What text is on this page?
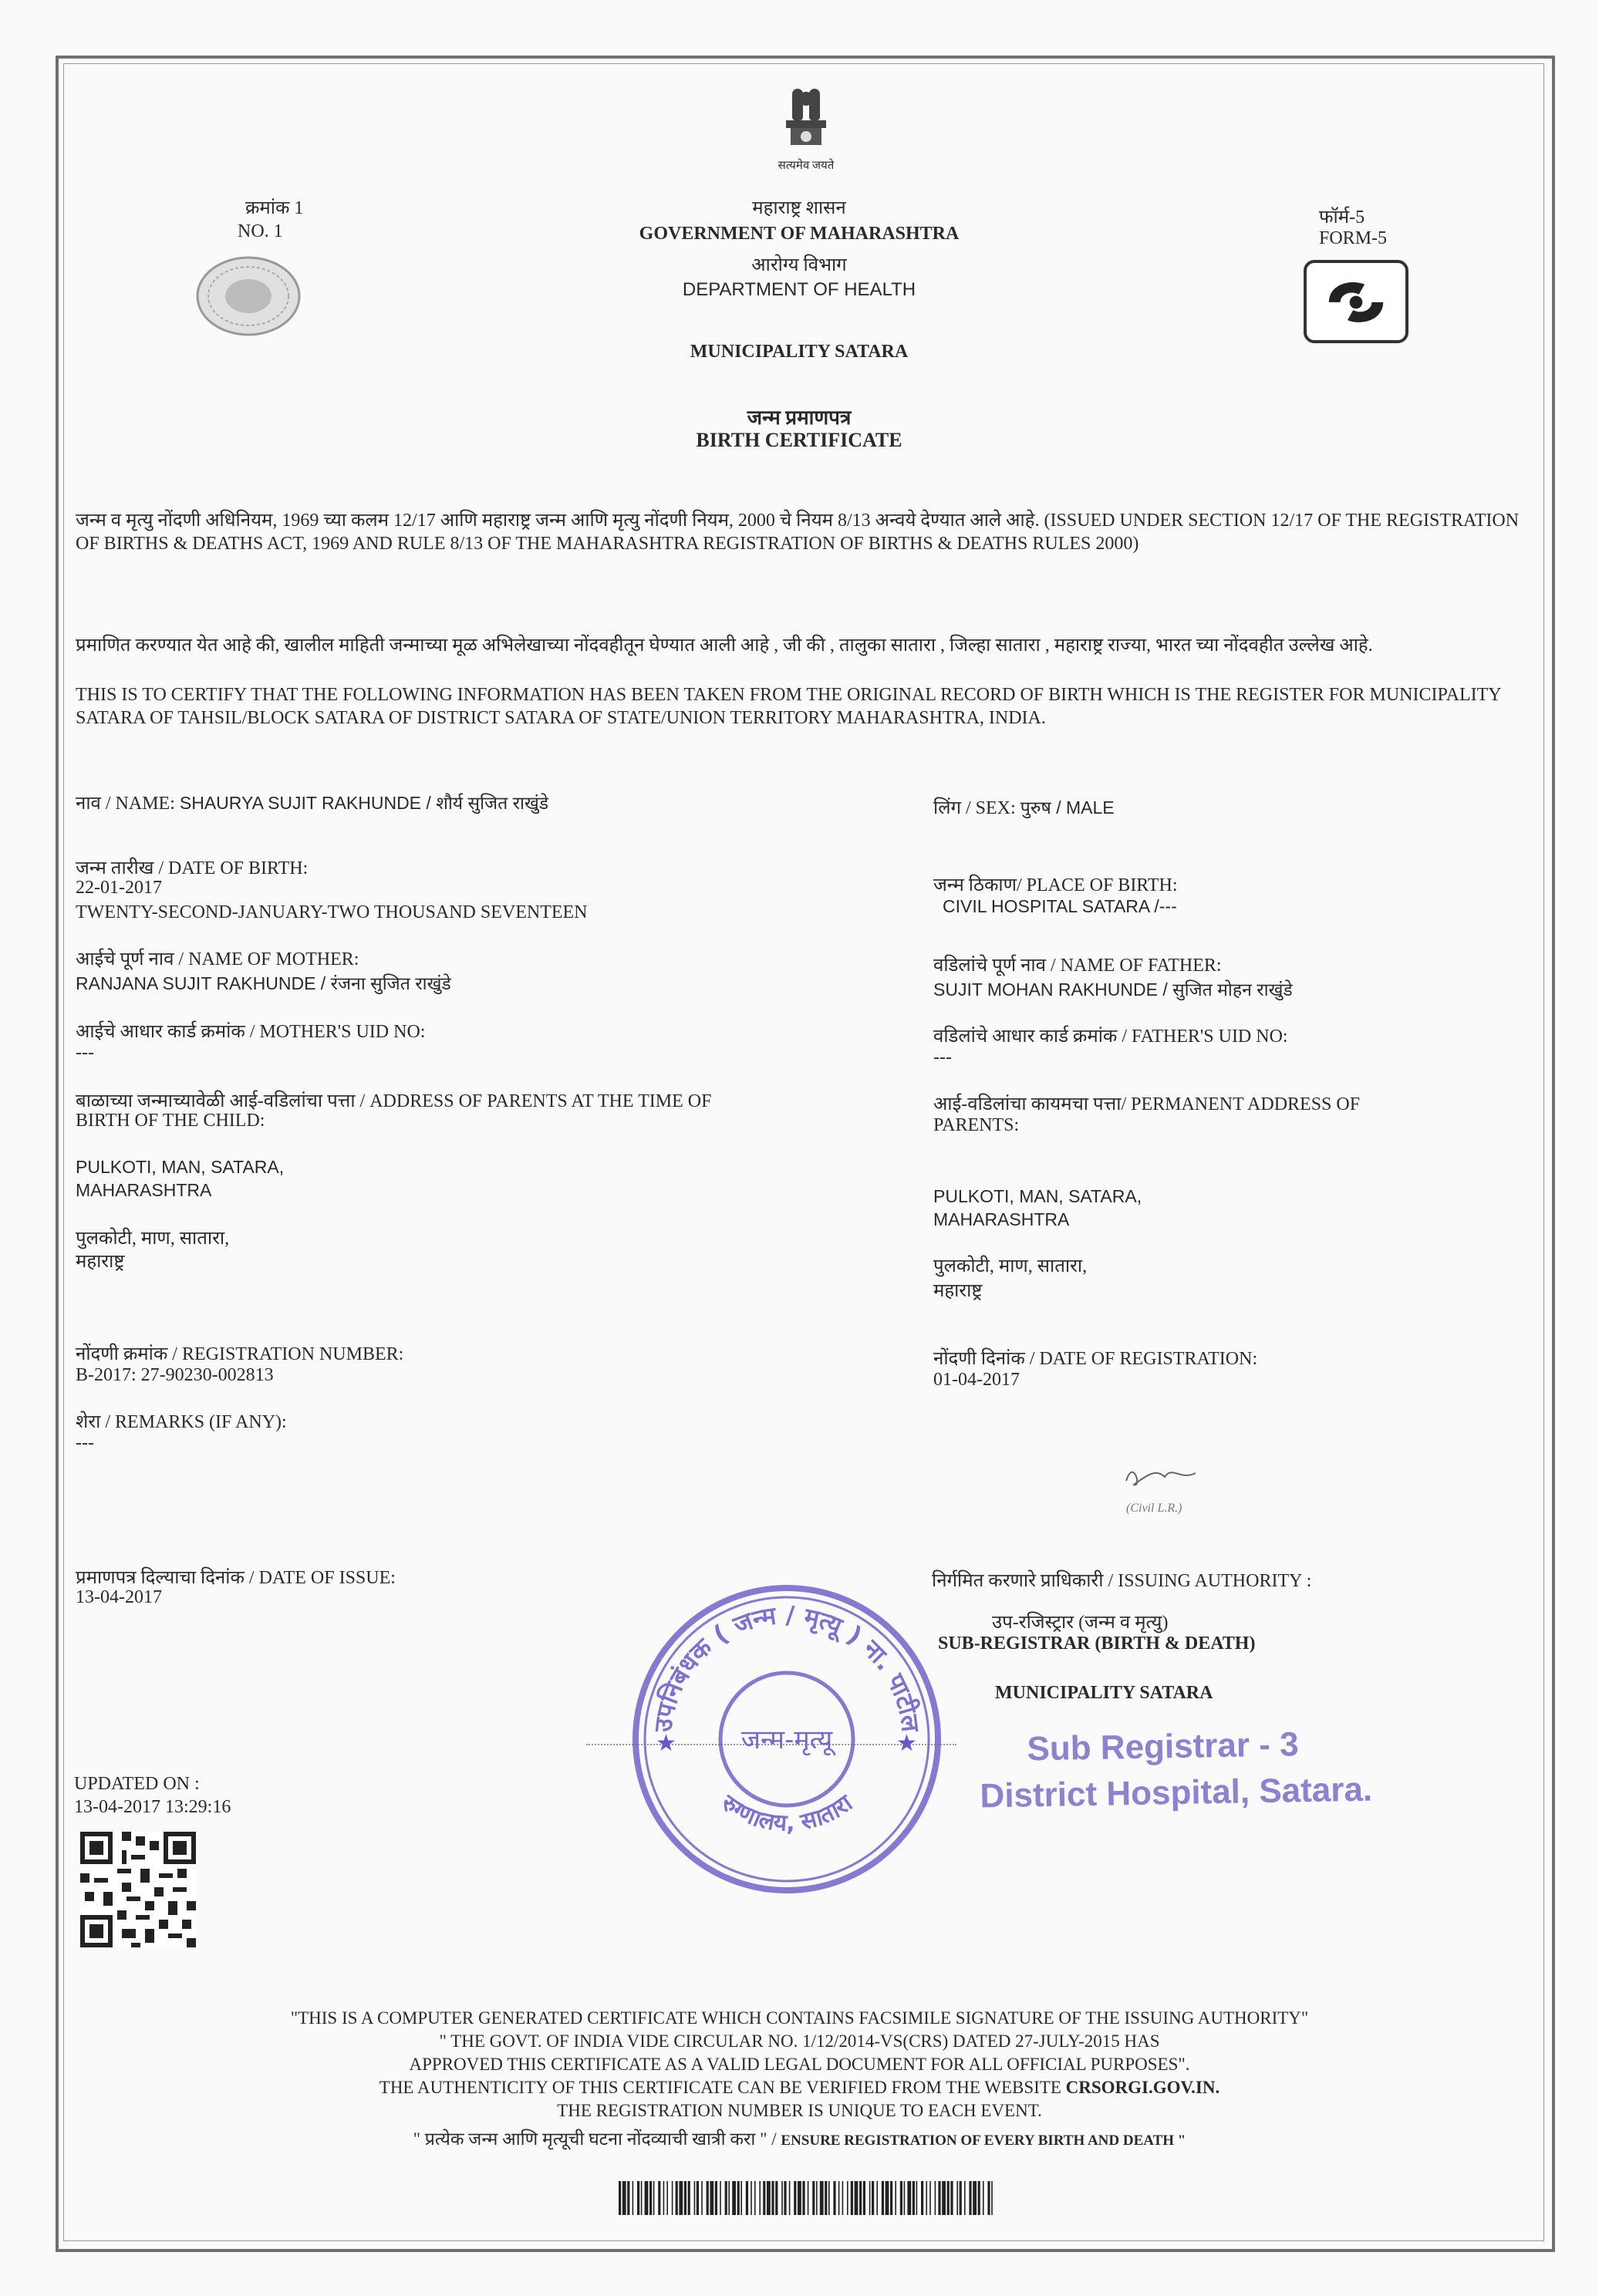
सत्यमेव जयते
क्रमांक 1
NO. 1
फॉर्म-5
FORM-5
महाराष्ट्र शासन
GOVERNMENT OF MAHARASHTRA
आरोग्य विभाग
DEPARTMENT OF HEALTH
MUNICIPALITY SATARA
जन्म प्रमाणपत्र
BIRTH CERTIFICATE
जन्म व मृत्यु नोंदणी अधिनियम, 1969 च्या कलम 12/17 आणि महाराष्ट्र जन्म आणि मृत्यु नोंदणी नियम, 2000 चे नियम 8/13 अन्वये देण्यात आले आहे. (ISSUED UNDER SECTION 12/17 OF THE REGISTRATION OF BIRTHS & DEATHS ACT, 1969 AND RULE 8/13 OF THE MAHARASHTRA REGISTRATION OF BIRTHS & DEATHS RULES 2000)
प्रमाणित करण्यात येत आहे की, खालील माहिती जन्माच्या मूळ अभिलेखाच्या नोंदवहीतून घेण्यात आली आहे , जी की , तालुका सातारा , जिल्हा सातारा , महाराष्ट्र राज्या, भारत च्या नोंदवहीत उल्लेख आहे.
THIS IS TO CERTIFY THAT THE FOLLOWING INFORMATION HAS BEEN TAKEN FROM THE ORIGINAL RECORD OF BIRTH WHICH IS THE REGISTER FOR MUNICIPALITY SATARA OF TAHSIL/BLOCK SATARA OF DISTRICT SATARA OF STATE/UNION TERRITORY MAHARASHTRA, INDIA.
नाव / NAME: SHAURYA SUJIT RAKHUNDE / शौर्य सुजित राखुंडे
जन्म तारीख / DATE OF BIRTH:
22-01-2017
TWENTY-SECOND-JANUARY-TWO THOUSAND SEVENTEEN
आईचे पूर्ण नाव / NAME OF MOTHER:
RANJANA SUJIT RAKHUNDE / रंजना सुजित राखुंडे
आईचे आधार कार्ड क्रमांक / MOTHER'S UID NO:
---
बाळाच्या जन्माच्यावेळी आई-वडिलांचा पत्ता / ADDRESS OF PARENTS AT THE TIME OF
BIRTH OF THE CHILD:
PULKOTI, MAN, SATARA,
MAHARASHTRA
पुलकोटी, माण, सातारा,
महाराष्ट्र
नोंदणी क्रमांक / REGISTRATION NUMBER:
B-2017: 27-90230-002813
शेरा / REMARKS (IF ANY):
---
प्रमाणपत्र दिल्याचा दिनांक / DATE OF ISSUE:
13-04-2017
UPDATED ON :
13-04-2017 13:29:16
लिंग / SEX: पुरुष / MALE
जन्म ठिकाण/ PLACE OF BIRTH:
CIVIL HOSPITAL SATARA /---
वडिलांचे पूर्ण नाव / NAME OF FATHER:
SUJIT MOHAN RAKHUNDE / सुजित मोहन राखुंडे
वडिलांचे आधार कार्ड क्रमांक / FATHER'S UID NO:
---
आई-वडिलांचा कायमचा पत्ता/ PERMANENT ADDRESS OF
PARENTS:
PULKOTI, MAN, SATARA,
MAHARASHTRA
पुलकोटी, माण, सातारा,
महाराष्ट्र
नोंदणी दिनांक / DATE OF REGISTRATION:
01-04-2017
(Civil L.R.)
निर्गमित करणारे प्राधिकारी / ISSUING AUTHORITY :
उप-रजिस्ट्रार (जन्म व मृत्यु)
SUB-REGISTRAR (BIRTH & DEATH)
MUNICIPALITY SATARA
उपनिबंधक ( जन्म / मृत्यू ) ना. पाटील
जन्म-मृत्यू
रुग्णालय, सातारा
★	★	Sub Registrar - 3
District Hospital, Satara.
"THIS IS A COMPUTER GENERATED CERTIFICATE WHICH CONTAINS FACSIMILE SIGNATURE OF THE ISSUING AUTHORITY"
" THE GOVT. OF INDIA VIDE CIRCULAR NO. 1/12/2014-VS(CRS) DATED 27-JULY-2015 HAS
APPROVED THIS CERTIFICATE AS A VALID LEGAL DOCUMENT FOR ALL OFFICIAL PURPOSES".
THE AUTHENTICITY OF THIS CERTIFICATE CAN BE VERIFIED FROM THE WEBSITE CRSORGI.GOV.IN.
THE REGISTRATION NUMBER IS UNIQUE TO EACH EVENT.
" प्रत्येक जन्म आणि मृत्यूची घटना नोंदव्याची खात्री करा " / ENSURE REGISTRATION OF EVERY BIRTH AND DEATH "
